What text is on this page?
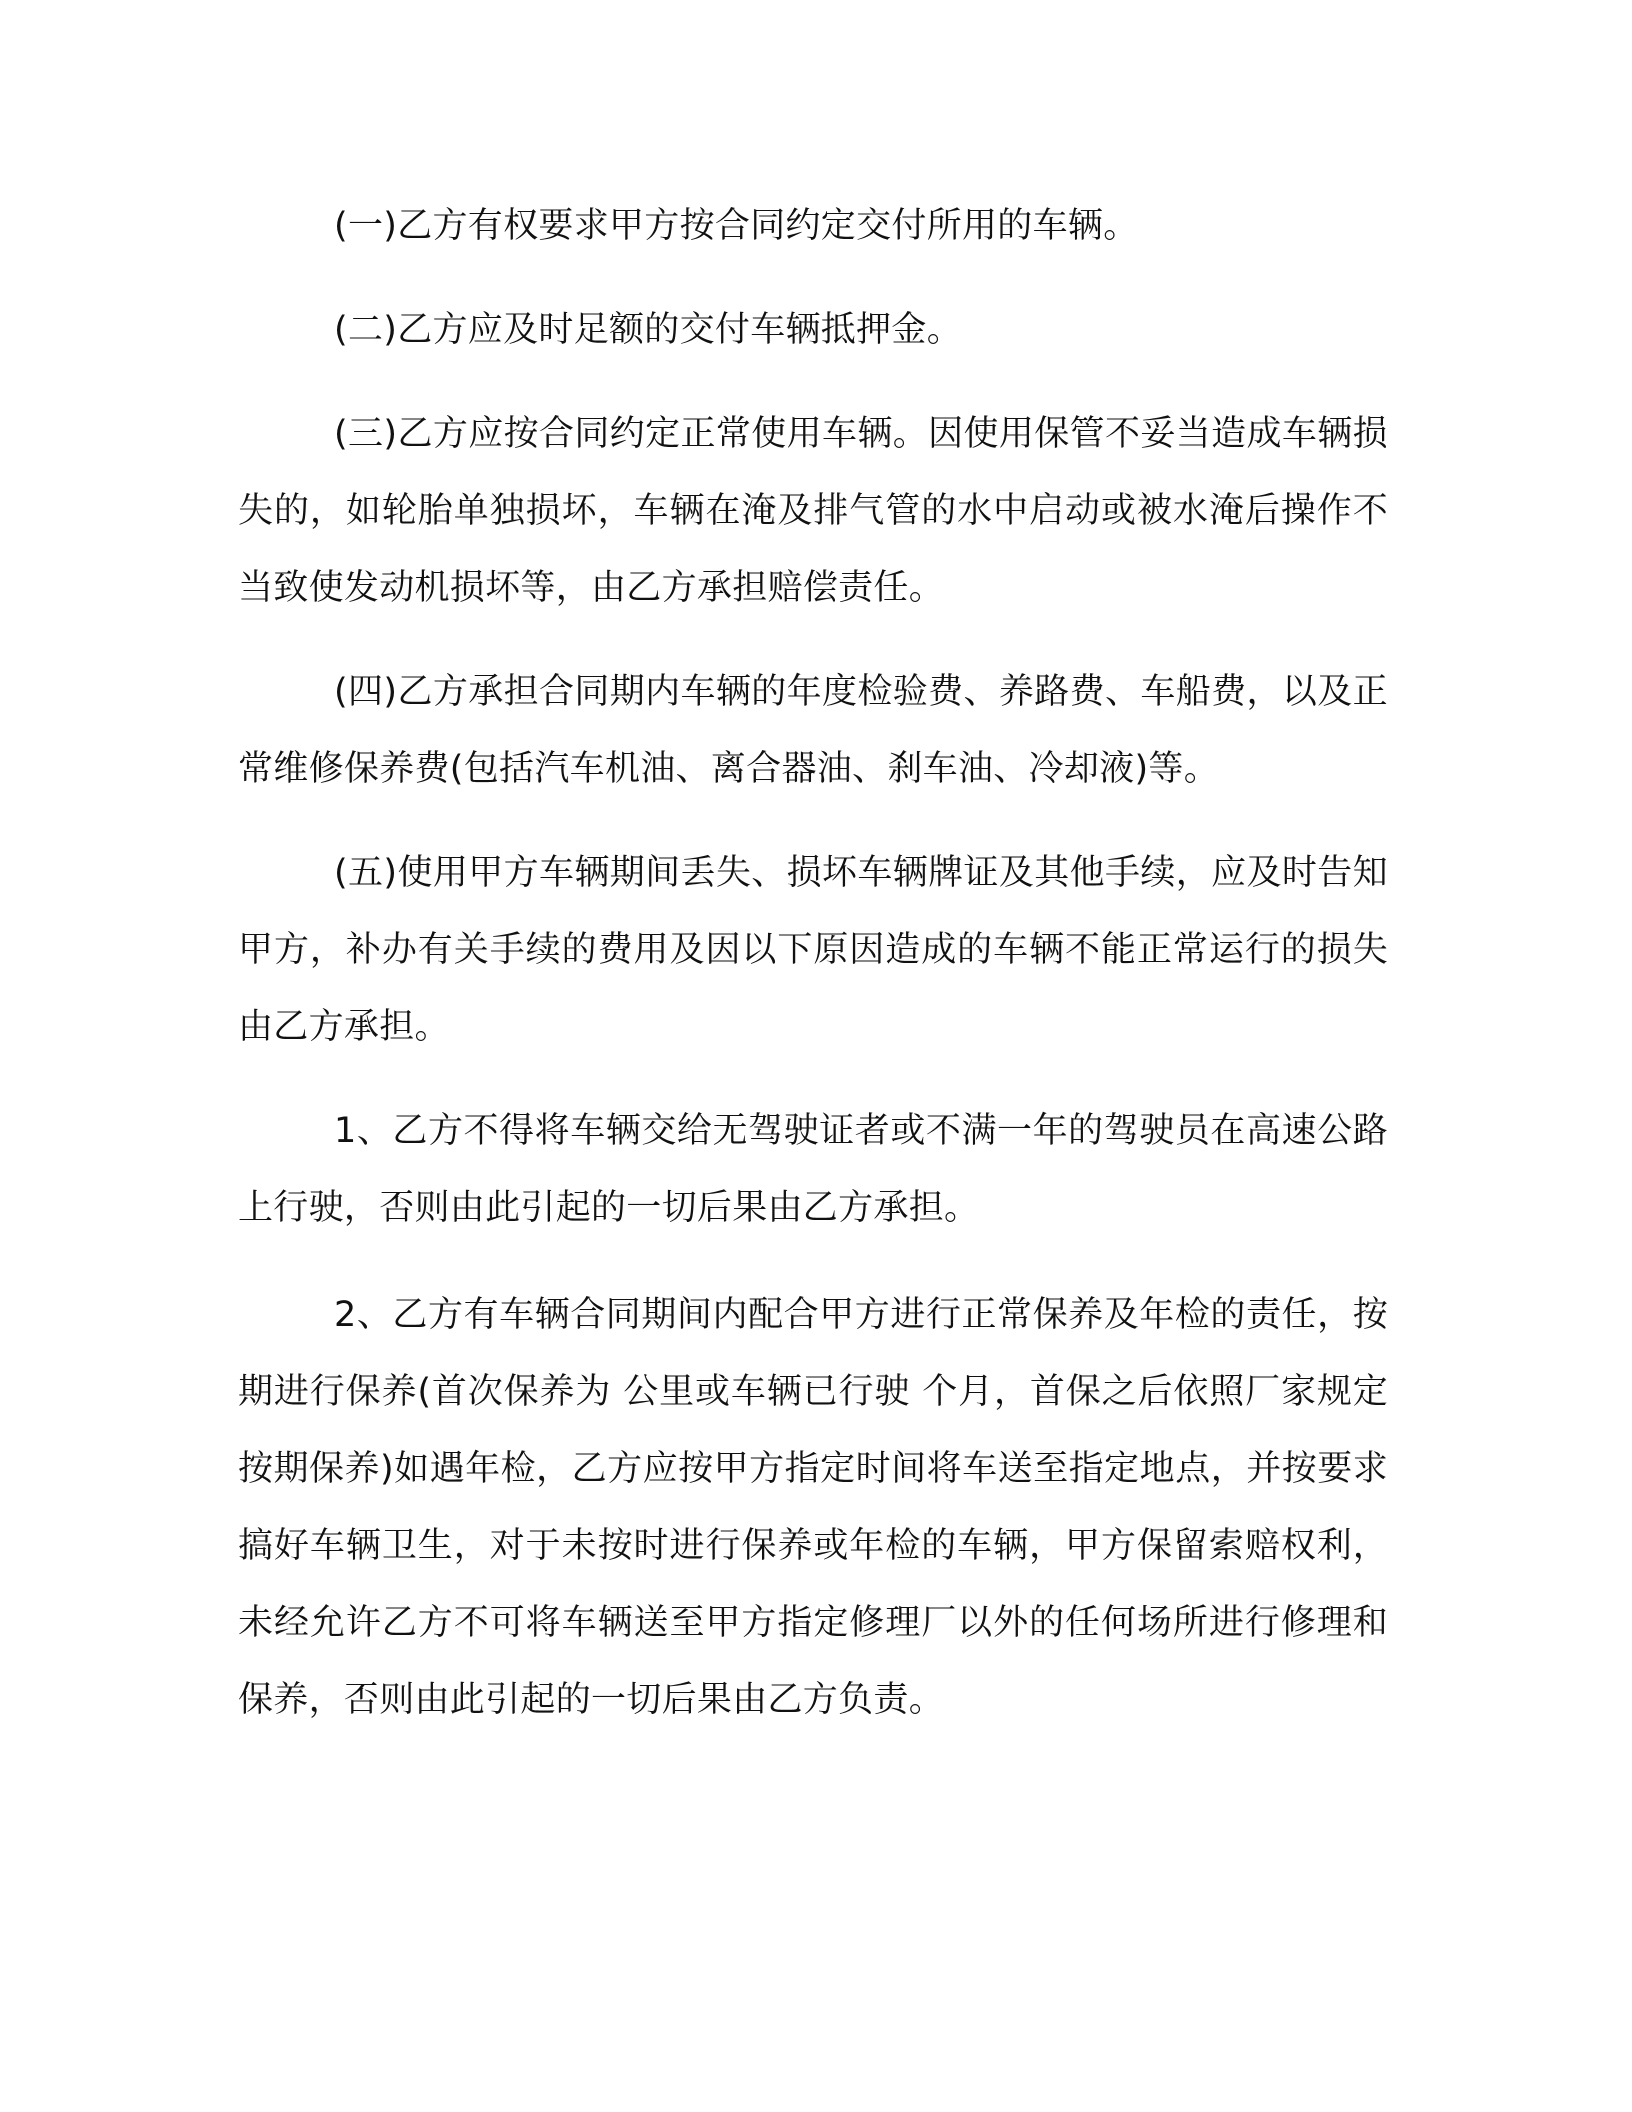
(一)乙方有权要求甲方按合同约定交付所用的车辆。

(二)乙方应及时足额的交付车辆抵押金。

(三)乙方应按合同约定正常使用车辆。因使用保管不妥当造成车辆损失的，如轮胎单独损坏，车辆在淹及排气管的水中启动或被水淹后操作不当致使发动机损坏等，由乙方承担赔偿责任。

(四)乙方承担合同期内车辆的年度检验费、养路费、车船费，以及正常维修保养费(包括汽车机油、离合器油、刹车油、冷却液)等。

(五)使用甲方车辆期间丢失、损坏车辆牌证及其他手续，应及时告知甲方，补办有关手续的费用及因以下原因造成的车辆不能正常运行的损失由乙方承担。

1、乙方不得将车辆交给无驾驶证者或不满一年的驾驶员在高速公路上行驶，否则由此引起的一切后果由乙方承担。

2、乙方有车辆合同期间内配合甲方进行正常保养及年检的责任，按期进行保养(首次保养为 公里或车辆已行驶 个月，首保之后依照厂家规定按期保养)如遇年检，乙方应按甲方指定时间将车送至指定地点，并按要求搞好车辆卫生，对于未按时进行保养或年检的车辆，甲方保留索赔权利，未经允许乙方不可将车辆送至甲方指定修理厂以外的任何场所进行修理和保养，否则由此引起的一切后果由乙方负责。
